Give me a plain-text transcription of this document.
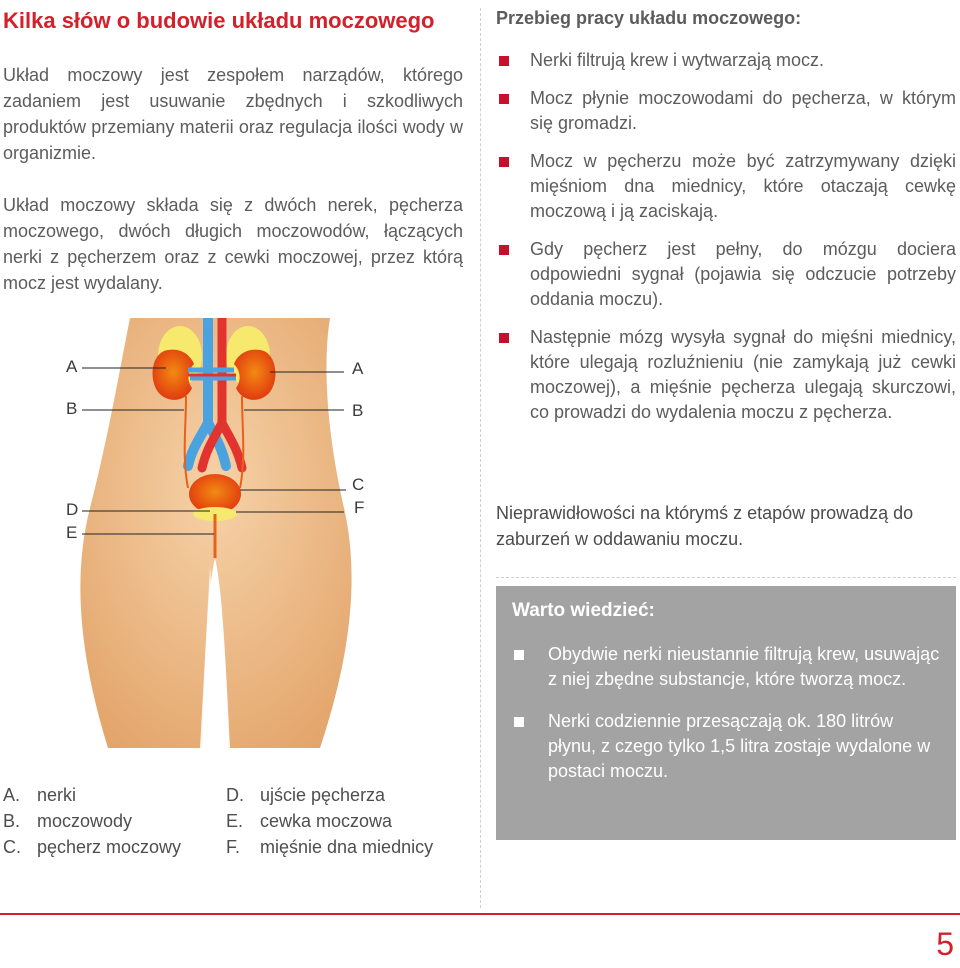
Kilka słów o budowie układu moczowego

Układ moczowy jest zespołem narządów, którego zadaniem jest usuwanie zbędnych i szkodliwych produktów przemiany materii oraz regulacja ilości wody w organizmie.

Układ moczowy składa się z dwóch nerek, pęcherza moczowego, dwóch długich moczowodów, łączących nerki z pęcherzem oraz z cewki moczowej, przez którą mocz jest wydalany.

A
B
D
E
A
B
C
F
A. nerki
B. moczowody
C. pęcherz moczowy
D. ujście pęcherza
E. cewka moczowa
F.	mięśnie dna miednicy
Przebieg pracy układu moczowego:
Nerki filtrują krew i wytwarzają mocz.
Mocz płynie moczowodami do pęcherza, w którym się gromadzi.
Mocz w pęcherzu może być zatrzymywany dzięki mięśniom dna miednicy, które otaczają cewkę moczową i ją zaciskają.
Gdy pęcherz jest pełny, do mózgu dociera odpowiedni sygnał (pojawia się odczucie potrzeby oddania moczu).
Następnie mózg wysyła sygnał do mięśni miednicy, które ulegają rozluźnieniu (nie zamykają już cewki moczowej), a mięśnie pęcherza ulegają skurczowi, co prowadzi do wydalenia moczu z pęcherza.

Nieprawidłowości na którymś z etapów prowadzą do zaburzeń w oddawaniu moczu.

Warto wiedzieć:
Obydwie nerki nieustannie filtrują krew, usuwając z niej zbędne substancje, które tworzą mocz.
Nerki codziennie przesączają ok. 180 litrów płynu, z czego tylko 1,5 litra zostaje wydalone w postaci moczu.
5
